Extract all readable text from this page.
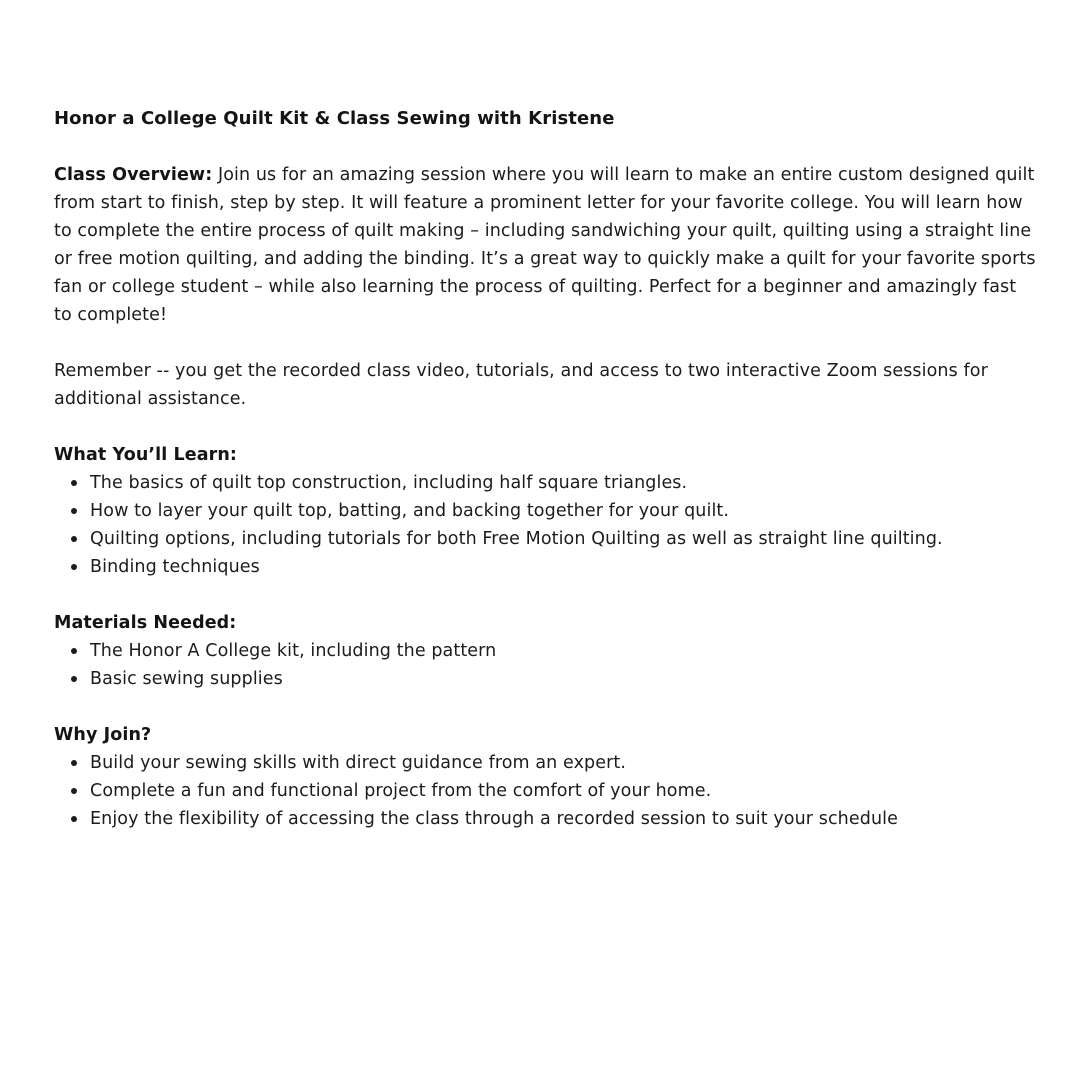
Honor a College Quilt Kit & Class Sewing with Kristene

Class Overview: Join us for an amazing session where you will learn to make an entire custom designed quilt from start to finish, step by step. It will feature a prominent letter for your favorite college. You will learn how to complete the entire process of quilt making – including sandwiching your quilt, quilting using a straight line or free motion quilting, and adding the binding. It’s a great way to quickly make a quilt for your favorite sports fan or college student – while also learning the process of quilting. Perfect for a beginner and amazingly fast to complete!

Remember -- you get the recorded class video, tutorials, and access to two interactive Zoom sessions for additional assistance.

What You’ll Learn:
The basics of quilt top construction, including half square triangles.
How to layer your quilt top, batting, and backing together for your quilt.
Quilting options, including tutorials for both Free Motion Quilting as well as straight line quilting.
Binding techniques
Materials Needed:
The Honor A College kit, including the pattern
Basic sewing supplies
Why Join?
Build your sewing skills with direct guidance from an expert.
Complete a fun and functional project from the comfort of your home.
Enjoy the flexibility of accessing the class through a recorded session to suit your schedule
